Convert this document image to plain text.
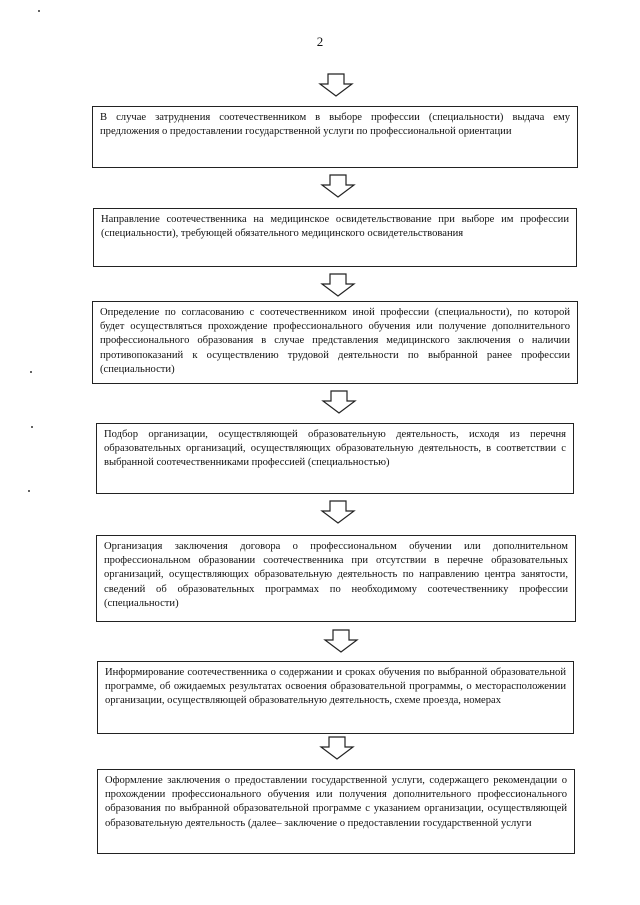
2
В случае затруднения соотечественником в выборе профессии (специальности) выдача ему предложения о предоставлении государственной услуги по профессиональной ориентации
Направление соотечественника на медицинское освидетельствование при выборе им профессии (специальности), требующей обязательного медицинского освидетельствования
Определение по согласованию с соотечественником иной профессии (специальности), по которой будет осуществляться прохождение профессионального обучения или получение дополнительного профессионального образования в случае представления медицинского заключения о наличии противопоказаний к осуществлению трудовой деятельности по выбранной ранее профессии (специальности)
Подбор организации, осуществляющей образовательную деятельность, исходя из перечня образовательных организаций, осуществляющих образовательную деятельность, в соответствии с выбранной соотечественниками профессией (специальностью)
Организация заключения договора о профессиональном обучении или дополнительном профессиональном образовании соотечественника при отсутствии в перечне образовательных организаций, осуществляющих образовательную деятельность по направлению центра занятости, сведений об образовательных программах по необходимому соотечественнику профессии (специальности)
Информирование соотечественника о содержании и сроках обучения по выбранной образовательной программе, об ожидаемых результатах освоения образовательной программы, о месторасположении организации, осуществляющей образовательную деятельность, схеме проезда, номерах
Оформление заключения о предоставлении государственной услуги, содержащего рекомендации о прохождении профессионального обучения или получения дополнительного профессионального образования по выбранной образовательной программе с указанием организации, осуществляющей образовательную деятельность (далее– заключение о предоставлении государственной услуги
